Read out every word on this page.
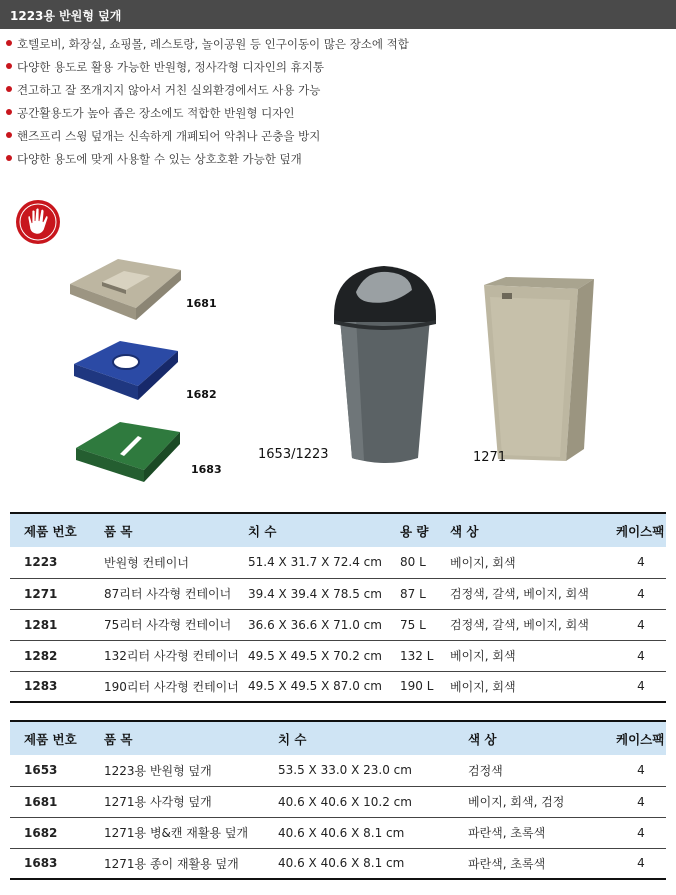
1223용 반원형 덮개
호텔로비, 화장실, 쇼핑몰, 레스토랑, 놀이공원 등 인구이동이 많은 장소에 적합
다양한 용도로 활용 가능한 반원형, 정사각형 디자인의 휴지통
견고하고 잘 쪼개지지 않아서 거친 실외환경에서도 사용 가능
공간활용도가 높아 좁은 장소에도 적합한 반원형 디자인
핸즈프리 스윙 덮개는 신속하게 개폐되어 악취나 곤충을 방지
다양한 용도에 맞게 사용할 수 있는 상호호환 가능한 덮개
1681
1682
1683
1653/1223	1271
제품 번호	품 목	치 수	용 량	색 상	케이스팩
1223	반원형 컨테이너	51.4 X 31.7 X 72.4 cm	80 L	베이지, 회색	4
1271	87리터 사각형 컨테이너	39.4 X 39.4 X 78.5 cm	87 L	검정색, 갈색, 베이지, 회색	4
1281	75리터 사각형 컨테이너	36.6 X 36.6 X 71.0 cm	75 L	검정색, 갈색, 베이지, 회색	4
1282	132리터 사각형 컨테이너	49.5 X 49.5 X 70.2 cm	132 L	베이지, 회색	4
1283	190리터 사각형 컨테이너	49.5 X 49.5 X 87.0 cm	190 L	베이지, 회색	4
제품 번호	품 목	치 수	색 상	케이스팩
1653	1223용 반원형 덮개	53.5 X 33.0 X 23.0 cm	검정색	4
1681	1271용 사각형 덮개	40.6 X 40.6 X 10.2 cm	베이지, 회색, 검정	4
1682	1271용 병&캔 재활용 덮개	40.6 X 40.6 X 8.1 cm	파란색, 초록색	4
1683	1271용 종이 재활용 덮개	40.6 X 40.6 X 8.1 cm	파란색, 초록색	4
